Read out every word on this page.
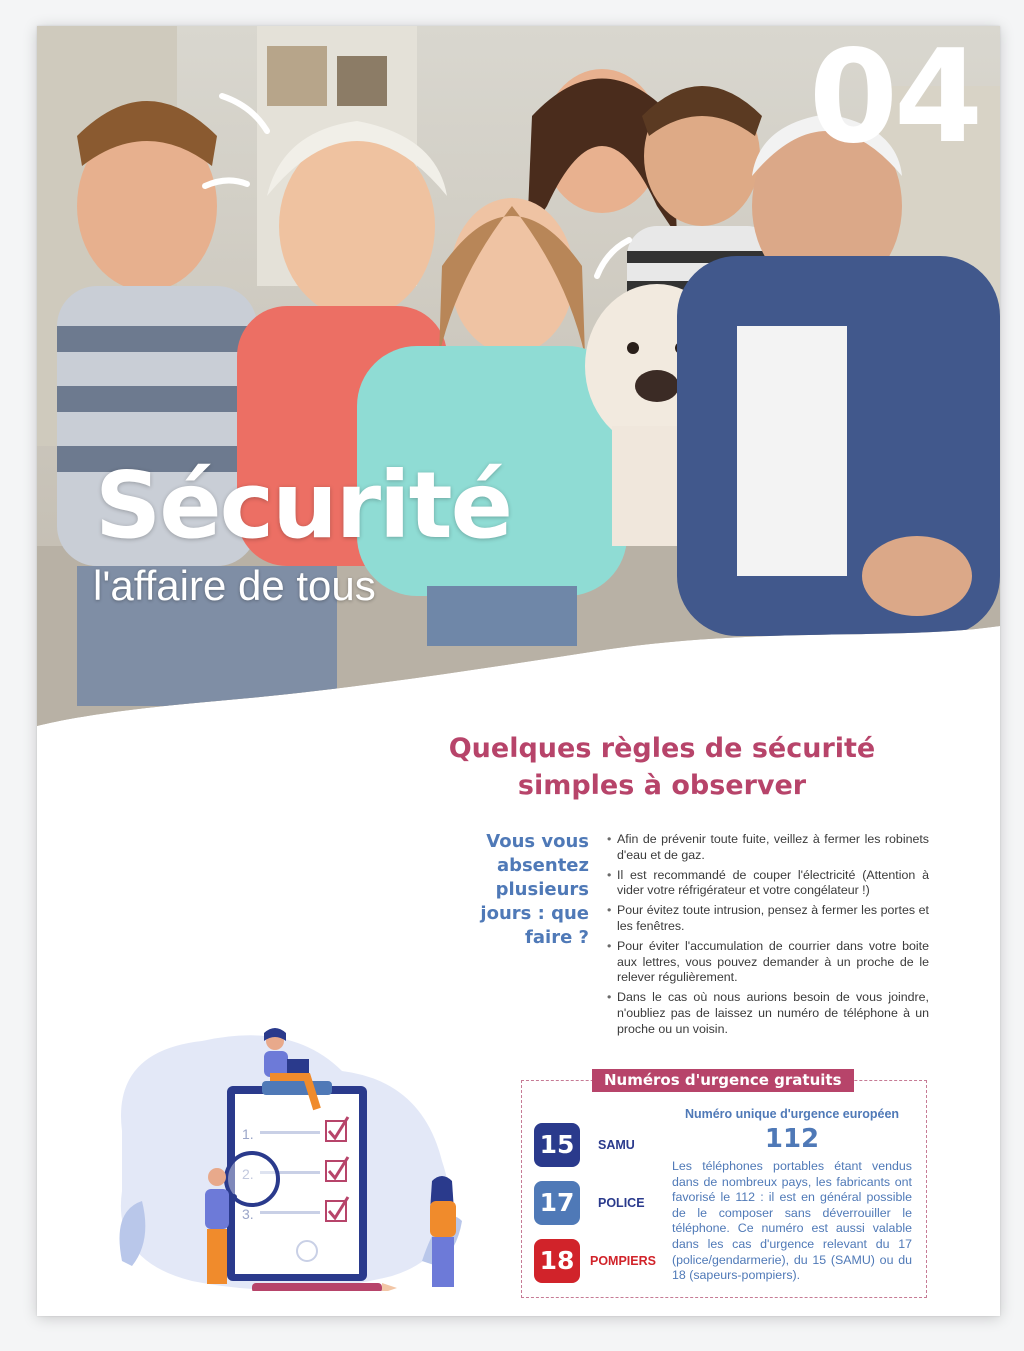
04
Sécurité
l'affaire de tous
Quelques règles de sécurité
simples à observer
Vous vous
absentez
plusieurs
jours : que
faire ?
• Afin de prévenir toute fuite, veillez à fermer les robinets d'eau et de gaz.
• Il est recommandé de couper l'électricité (Attention à vider votre réfrigérateur et votre congélateur !)
• Pour évitez toute intrusion, pensez à fermer les portes et les fenêtres.
• Pour éviter l'accumulation de courrier dans votre boite aux lettres, vous pouvez demander à un proche de le relever régulièrement.
• Dans le cas où nous aurions besoin de vous joindre, n'oubliez pas de laissez un numéro de téléphone à un proche ou un voisin.
1.
3.
Numéros d'urgence gratuits
15	SAMU
17	POLICE
18	POMPIERS
Numéro unique d'urgence européen
112
Les téléphones portables étant vendus dans de nombreux pays, les fabricants ont favorisé le 112 : il est en général possible de le composer sans déverrouiller le téléphone. Ce numéro est aussi valable dans les cas d'urgence relevant du 17 (police/gendarmerie), du 15 (SAMU) ou du 18 (sapeurs-pompiers).
